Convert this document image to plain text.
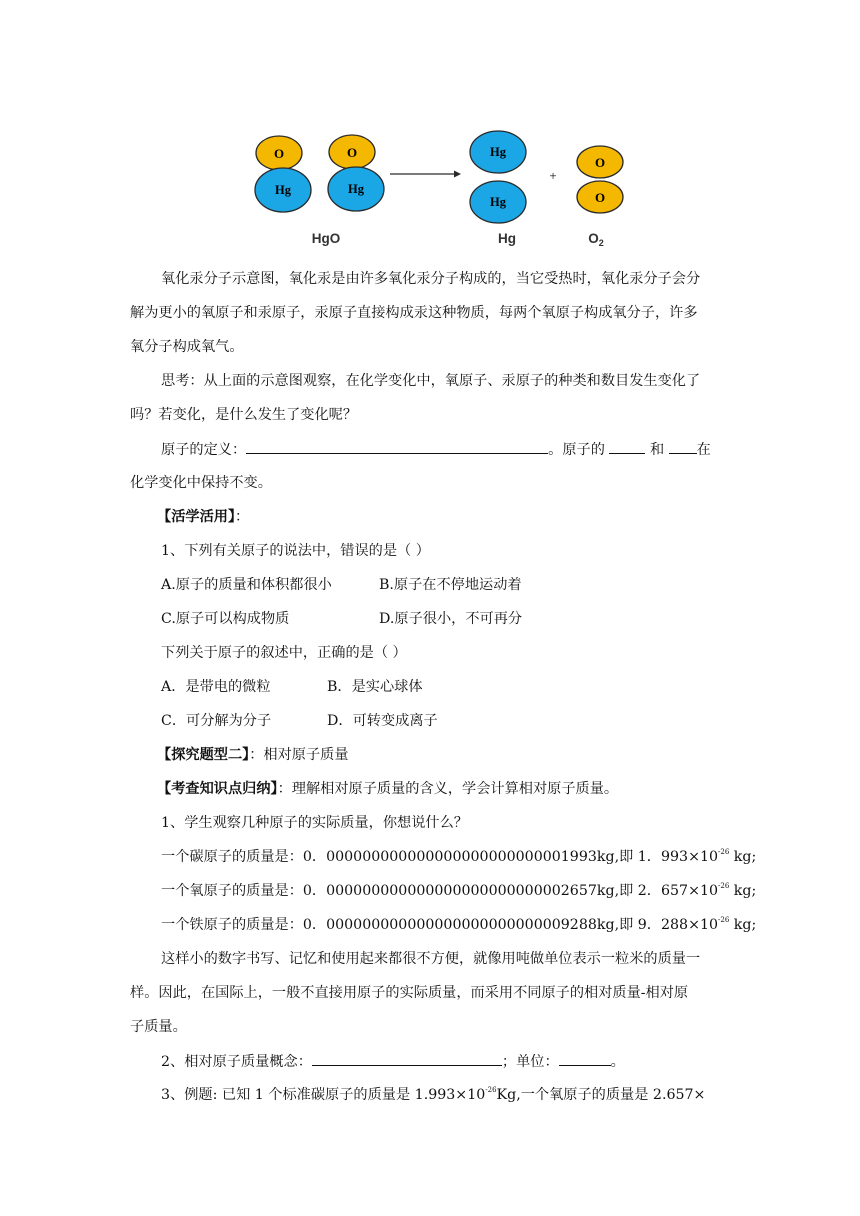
O
Hg
O
Hg
Hg
Hg
+
O
O
HgO	Hg	$O_2$
氧化汞分子示意图，氧化汞是由许多氧化汞分子构成的，当它受热时，氧化汞分子会分
解为更小的氧原子和汞原子，汞原子直接构成汞这种物质，每两个氧原子构成氧分子，许多
氧分子构成氧气。
思考：从上面的示意图观察，在化学变化中，氧原子、汞原子的种类和数目发生变化了
吗？若变化，是什么发生了变化呢？
原子的定义：	。原子的	和 在
化学变化中保持不变。
【活学活用】：
1、下列有关原子的说法中，错误的是（ ）
A.原子的质量和体积都很小	B.原子在不停地运动着
C.原子可以构成物质	D.原子很小，不可再分
下列关于原子的叙述中，正确的是（ ）
A．是带电的微粒	B．是实心球体
C．可分解为分子	D．可转变成离子
【探究题型二】：相对原子质量
【考查知识点归纳】：理解相对原子质量的含义，学会计算相对原子质量。
1、学生观察几种原子的实际质量，你想说什么？
一个碳原子的质量是：0．000000000000000000000000001993kg,即 1．$993\times 10^{-26}$ kg;
一个氧原子的质量是：0．000000000000000000000000002657kg,即 2．$657\times 10^{-26}$ kg;
一个铁原子的质量是：0．000000000000000000000000009288kg,即 9．$288\times 10^{-26}$ kg;
这样小的数字书写、记忆和使用起来都很不方便，就像用吨做单位表示一粒米的质量一
样。因此，在国际上，一般不直接用原子的实际质量，而采用不同原子的相对质量-相对原
子质量。
2、相对原子质量概念：	；单位：	。
3、例题: 已知 1 个标准碳原子的质量是 $1.993\times 10^{-26}Kg$,一个氧原子的质量是 2.657×
